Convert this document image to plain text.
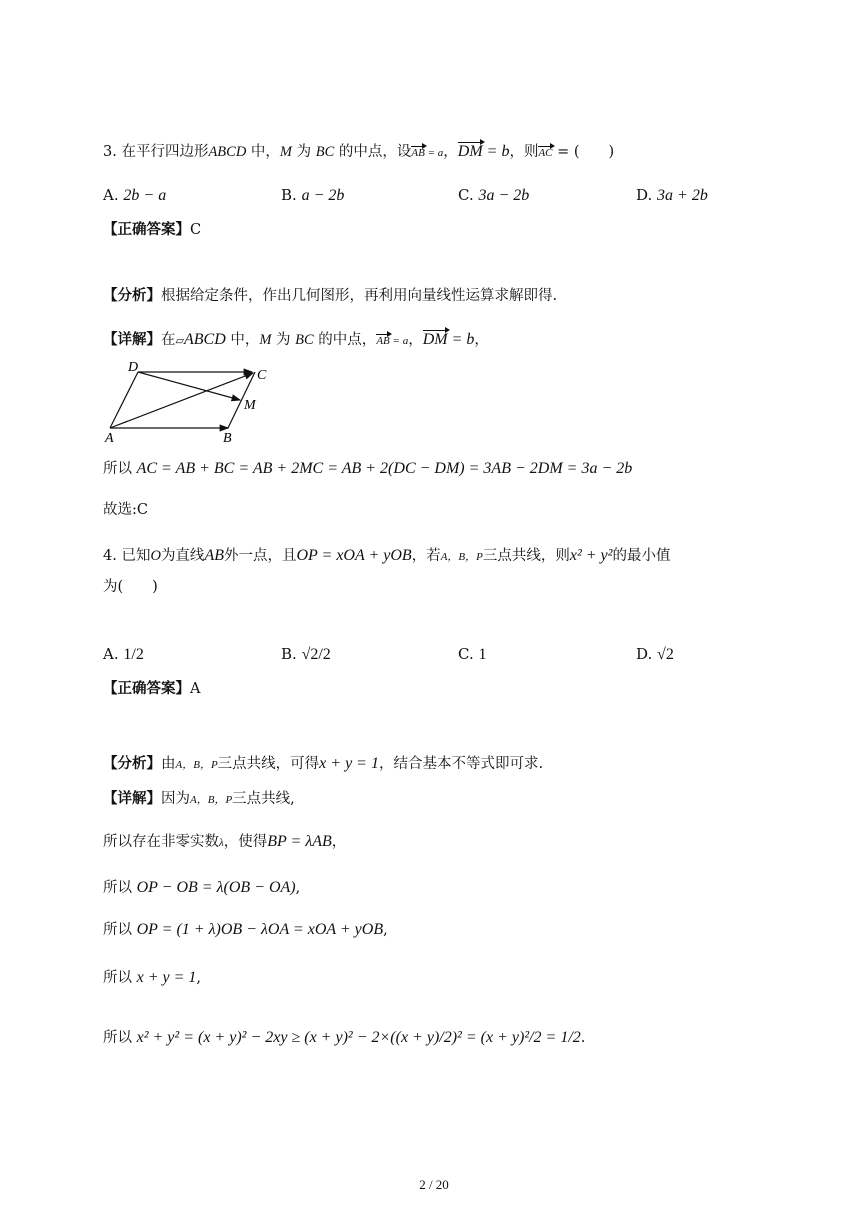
3. 在平行四边形ABCD 中，M 为 BC 的中点，设AB = a，DM = b，则AC = (　　)
A. 2b − a	B. a − 2b	C. 3a − 2b	D. 3a + 2b
【正确答案】C
【分析】根据给定条件，作出几何图形，再利用向量线性运算求解即得.
【详解】在▱ABCD 中，M 为 BC 的中点，AB = a，DM = b，
D
C
M
A	B
所以 AC = AB + BC = AB + 2MC = AB + 2(DC − DM) = 3AB − 2DM = 3a − 2b
故选:C
4. 已知O为直线AB外一点，且OP = xOA + yOB，若A，B，P三点共线，则x² + y²的最小值
为(　　)
A. 1/2	B. √2/2	C. 1	D. √2
【正确答案】A
【分析】由A，B，P三点共线，可得x + y = 1，结合基本不等式即可求.
【详解】因为A，B，P三点共线,
所以存在非零实数λ，使得BP = λAB，
所以 OP − OB = λ(OB − OA),
所以 OP = (1 + λ)OB − λOA = xOA + yOB,
所以 x + y = 1,
所以 x² + y² = (x + y)² − 2xy ≥ (x + y)² − 2×((x + y)/2)² = (x + y)²/2 = 1/2.
2 / 20
